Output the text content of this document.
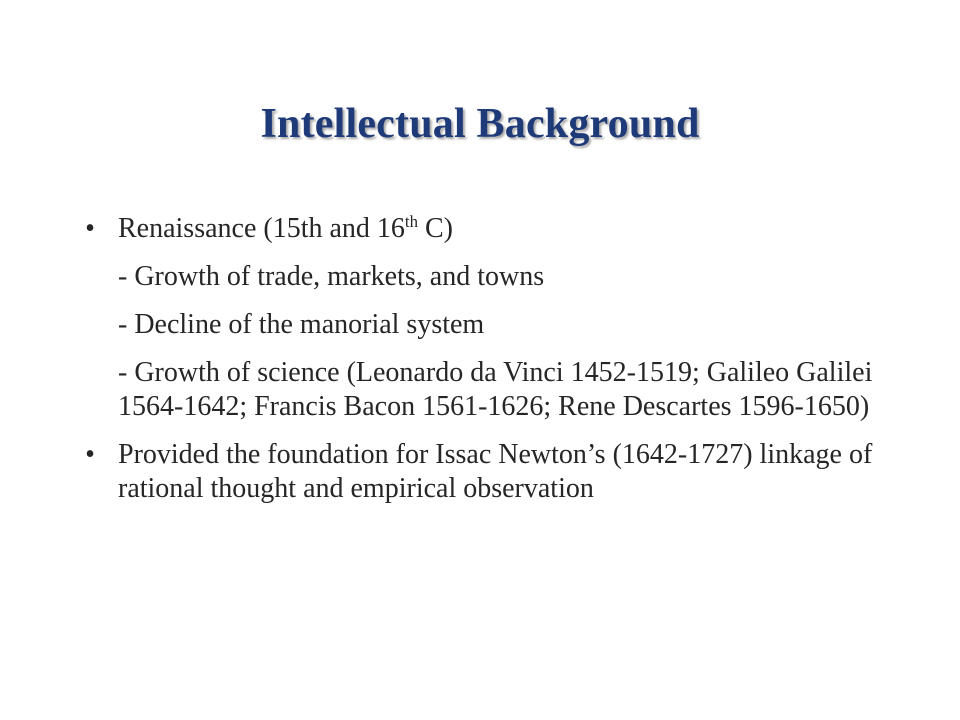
Intellectual Background
• Renaissance (15th and 16th C)
- Growth of trade, markets, and towns
- Decline of the manorial system
- Growth of science (Leonardo da Vinci 1452-1519; Galileo Galilei 1564-1642; Francis Bacon 1561-1626; Rene Descartes 1596-1650)
• Provided the foundation for Issac Newton’s (1642-1727) linkage of rational thought and empirical observation
